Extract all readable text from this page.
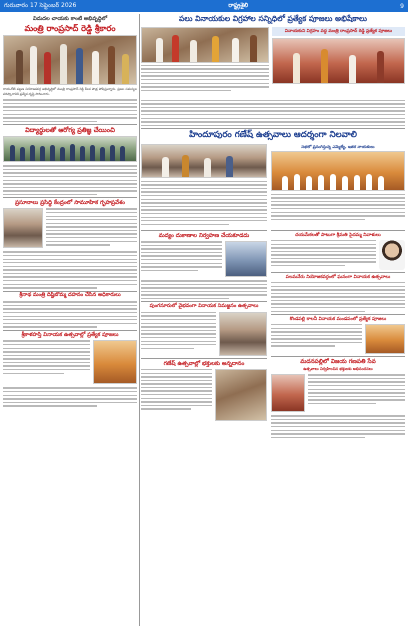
గురువారం 17 సెప్టెంబర్ 2026	రాష్ట్రశైలి	9
విదుదల చాయకు కాంటి అభివృద్ధిలో
మంత్రి రాంప్రసాద్ రెడ్డి శ్రీకారం
రాయచోటి పట్టణ నియోజకవర్గ అభివృద్ధిలో మంత్రి రాంప్రసాద్ రెడ్డి కీలక పాత్ర పోషిస్తున్నారు. ప్రజల సమస్యల పరిష్కారానికి ప్రత్యేక దృష్టి సారించారు.
విద్యార్థులతో ఆరోగ్య ప్రతిజ్ఞ చేయించి
ప్రసూనాలు ప్రసిద్ధి కేంద్రంలో సామూహిక గృహప్రవేశం
శ్రీనాథ మంత్రి దిష్టిబొమ్మ దహనం చేసిన అధికారులు
శ్రీకాళహస్తి వినాయక ఉత్సవాల్లో ప్రత్యేక పూజలు
పలు వినాయకుల విగ్రహాల సన్నిధిలో ప్రత్యేక పూజలు అభిషేకాలు
వినాయకుని విగ్రహం వద్ద మంత్రి రాంప్రసాద్ రెడ్డి ప్రత్యేక పూజలు
హిందూపురం గణేష్ ఉత్సవాలు ఆదర్శంగా నిలవాలి
సభలో ప్రసంగిస్తున్న ఎమ్మెల్యే, ఇతర నాయకులు
మద్యం దుకాణాల నిర్వహణ చేయకూడదు
పుంగనూరులో వైభవంగా వినాయక నిమజ్జనం ఉత్సవాలు
గణేష్ ఉత్సవాల్లో భక్తులకు అన్నదానం
దయమేకలతో పాటుగా శ్రీమతి సైదమ్మ నివాళులు
పలమనేరు నియోజకవర్గంలో ఘనంగా వినాయక ఉత్సవాలు
కొండపల్లి కాలనీ వినాయక మండపంలో ప్రత్యేక పూజలు
మదనపల్లిలో విజయ గణపతి సేవ
ఉత్సవాలు నిర్వహించిన భక్తులకు అభినందనలు
